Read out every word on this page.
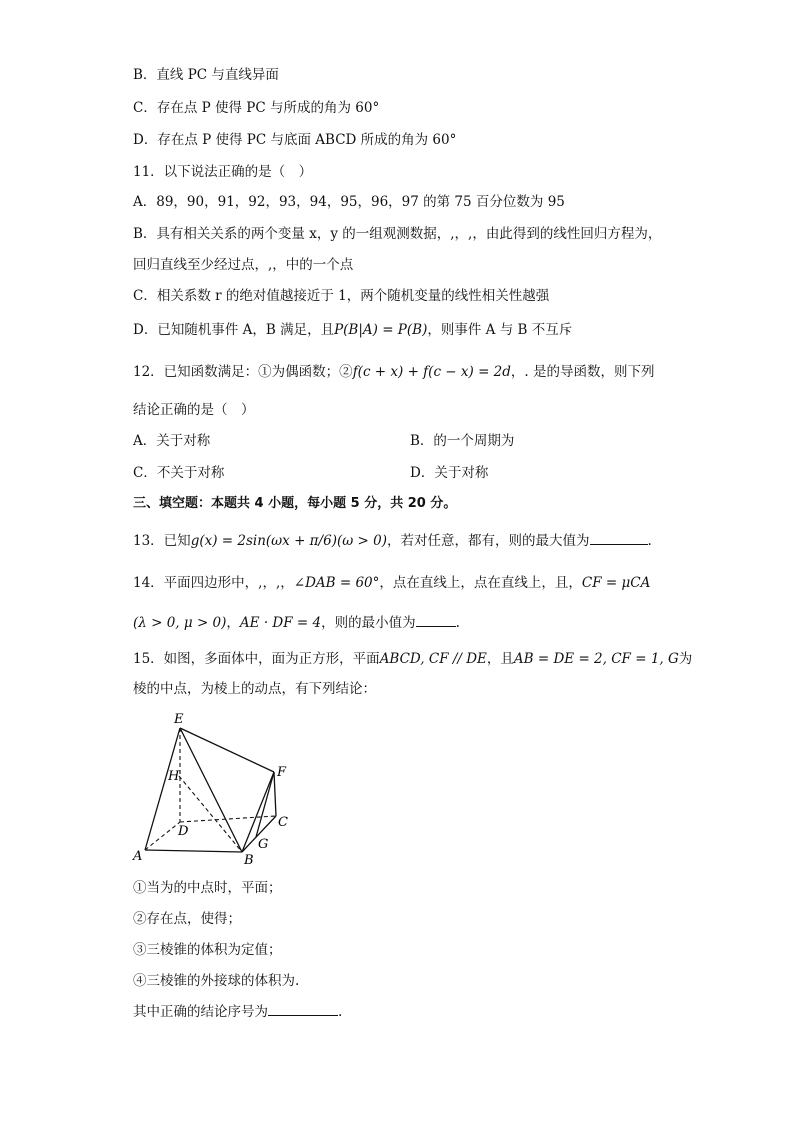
B．直线 PC 与直线异面
C．存在点 P 使得 PC 与所成的角为 60°
D．存在点 P 使得 PC 与底面 ABCD 所成的角为 60°
11．以下说法正确的是（　）
A．89，90，91，92，93，94，95，96，97 的第 75 百分位数为 95
B．具有相关关系的两个变量 x，y 的一组观测数据，,，,，由此得到的线性回归方程为，
回归直线至少经过点，,，中的一个点
C．相关系数 r 的绝对值越接近于 1，两个随机变量的线性相关性越强
D．已知随机事件 A，B 满足，且P(B|A) = P(B)，则事件 A 与 B 不互斥
12．已知函数满足：①为偶函数；②f(c + x) + f(c − x) = 2d，. 是的导函数，则下列
结论正确的是（　）
A．关于对称	B．的一个周期为
C．不关于对称	D．关于对称
三、填空题：本题共 4 小题，每小题 5 分，共 20 分。
13．已知g(x) = 2sin(ωx + π/6)(ω > 0)，若对任意，都有，则的最大值为	.
14．平面四边形中，,，,，∠DAB = 60°，点在直线上，点在直线上，且，CF = μCA
(λ > 0, μ > 0)，AE · DF = 4，则的最小值为	.
15．如图，多面体中，面为正方形，平面ABCD, CF // DE，且AB = DE = 2, CF = 1, G为
棱的中点，为棱上的动点，有下列结论：
E
F
H
D
C
G
A	B
①当为的中点时，平面；
②存在点，使得；
③三棱锥的体积为定值；
④三棱锥的外接球的体积为.
其中正确的结论序号为	.
